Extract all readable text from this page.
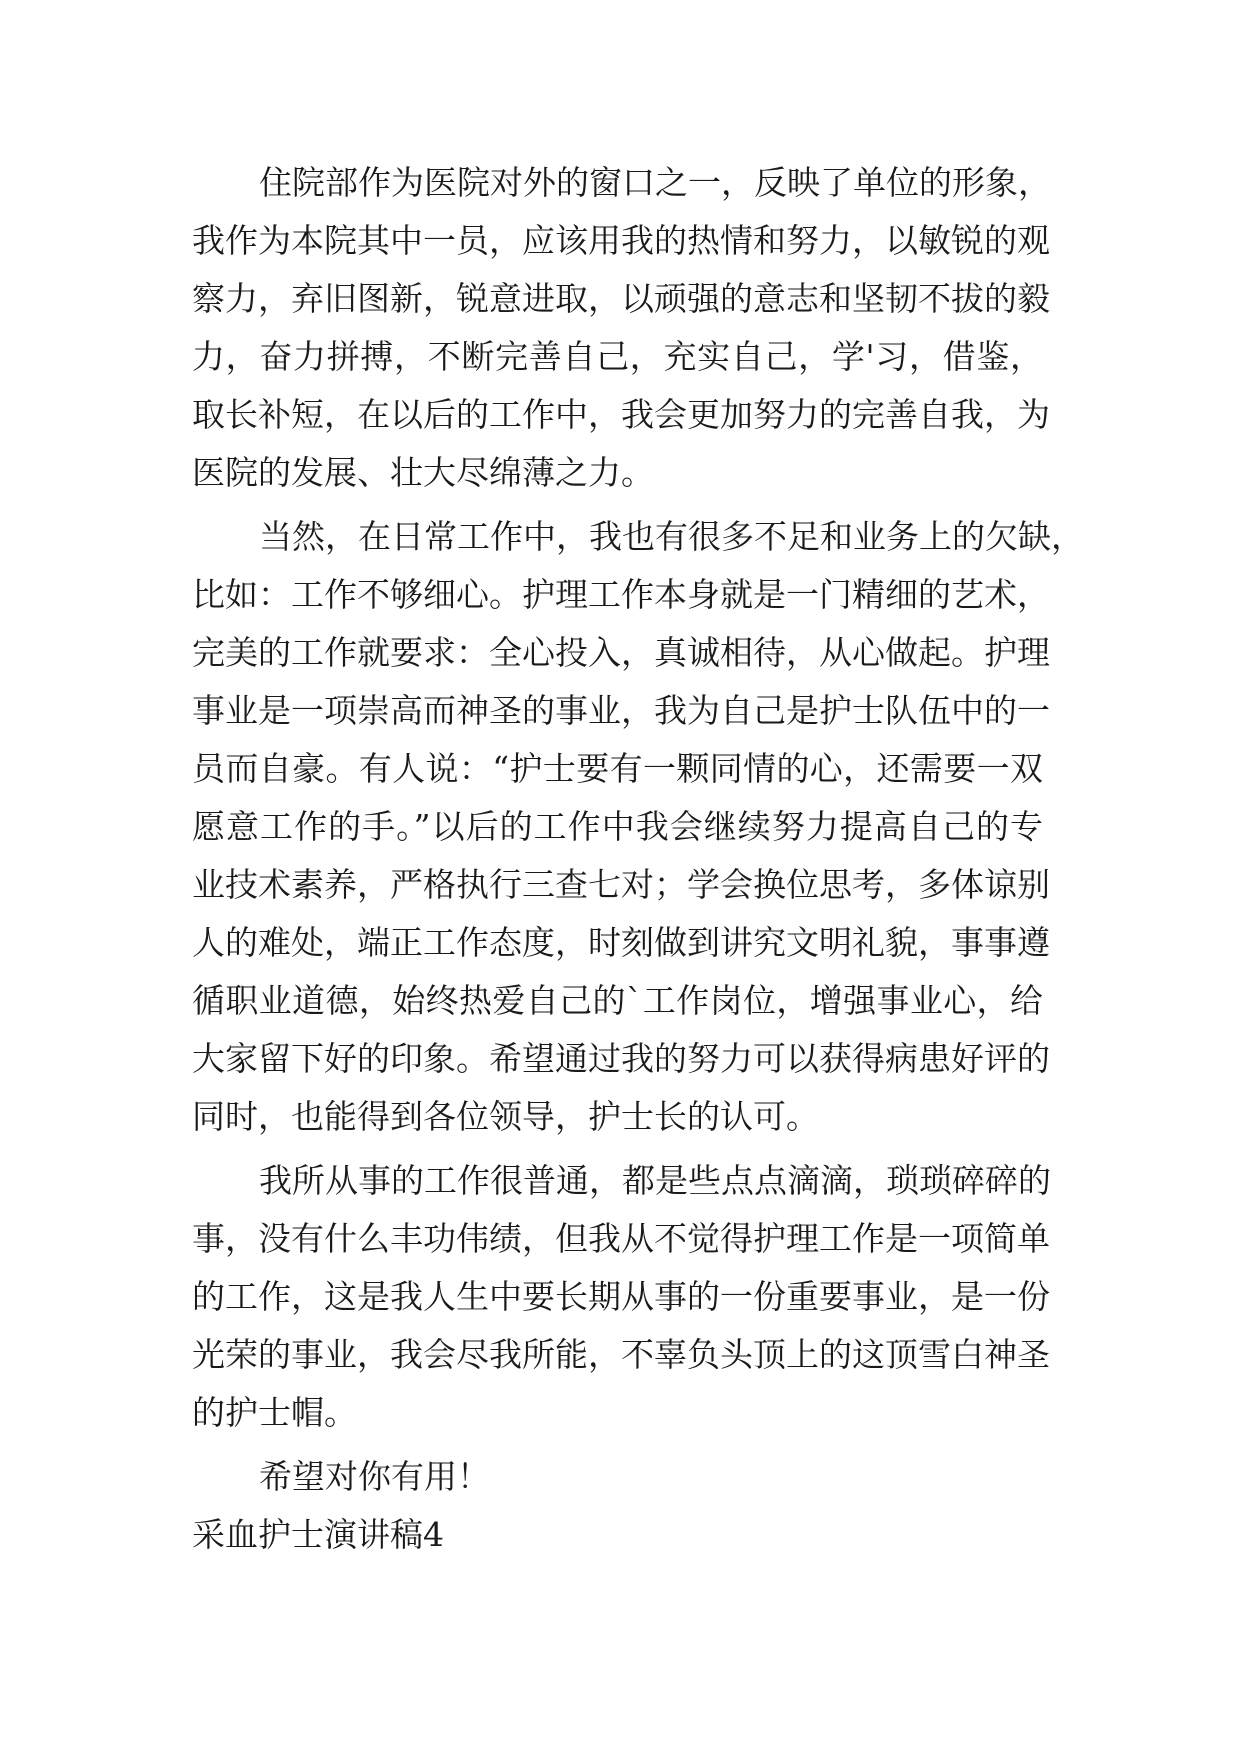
住院部作为医院对外的窗口之一，反映了单位的形象，
我作为本院其中一员，应该用我的热情和努力，以敏锐的观
察力，弃旧图新，锐意进取，以顽强的意志和坚韧不拔的毅
力，奋力拼搏，不断完善自己，充实自己，学'习，借鉴，
取长补短，在以后的工作中，我会更加努力的完善自我，为
医院的发展、壮大尽绵薄之力。
当然，在日常工作中，我也有很多不足和业务上的欠缺，
比如：工作不够细心。护理工作本身就是一门精细的艺术，
完美的工作就要求：全心投入，真诚相待，从心做起。护理
事业是一项崇高而神圣的事业，我为自己是护士队伍中的一
员而自豪。有人说：“护士要有一颗同情的心，还需要一双
愿意工作的手。”以后的工作中我会继续努力提高自己的专
业技术素养，严格执行三查七对；学会换位思考，多体谅别
人的难处，端正工作态度，时刻做到讲究文明礼貌，事事遵
循职业道德，始终热爱自己的`工作岗位，增强事业心，给
大家留下好的印象。希望通过我的努力可以获得病患好评的
同时，也能得到各位领导，护士长的认可。
我所从事的工作很普通，都是些点点滴滴，琐琐碎碎的
事，没有什么丰功伟绩，但我从不觉得护理工作是一项简单
的工作，这是我人生中要长期从事的一份重要事业，是一份
光荣的事业，我会尽我所能，不辜负头顶上的这顶雪白神圣
的护士帽。
希望对你有用！
采血护士演讲稿4
